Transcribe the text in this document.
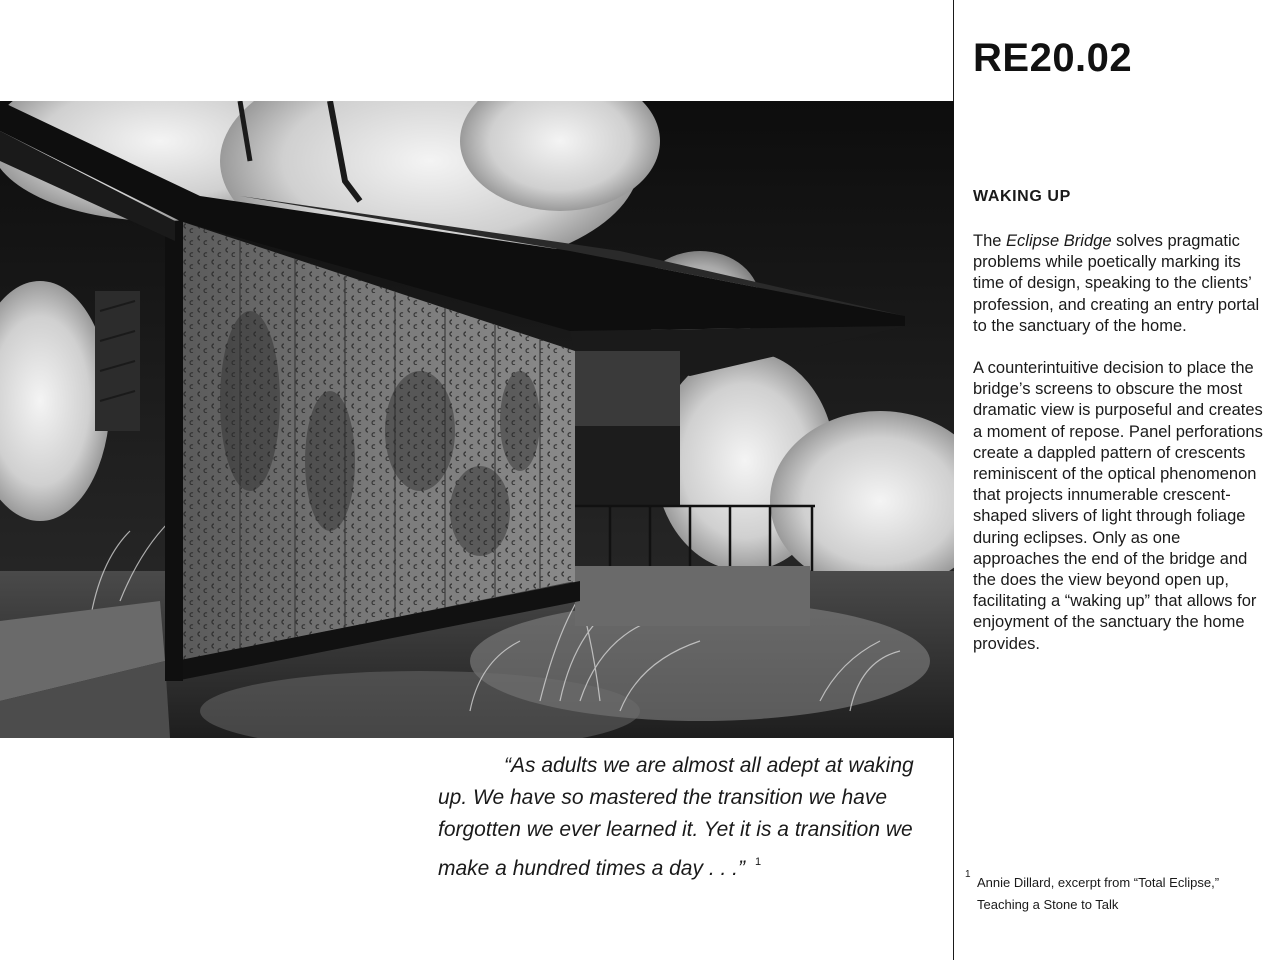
“As adults we are almost all adept at waking up. We have so mastered the transition we have forgotten we ever learned it. Yet it is a transition we make a hundred times a day . . .” $^1$
RE20.02
WAKING UP

The Eclipse Bridge solves pragmatic problems while poetically marking its time of design, speaking to the clients’ profession, and creating an entry portal to the sanctuary of the home.

A counterintuitive decision to place the bridge’s screens to obscure the most dramatic view is purposeful and creates a moment of repose. Panel perforations create a dappled pattern of crescents reminiscent of the optical phenomenon that projects innumerable crescent-shaped slivers of light through foliage during eclipses. Only as one approaches the end of the bridge and the does the view beyond open up, facilitating a “waking up” that allows for enjoyment of the sanctuary the home provides.

1
Annie Dillard, excerpt from “Total Eclipse,”
Teaching a Stone to Talk
